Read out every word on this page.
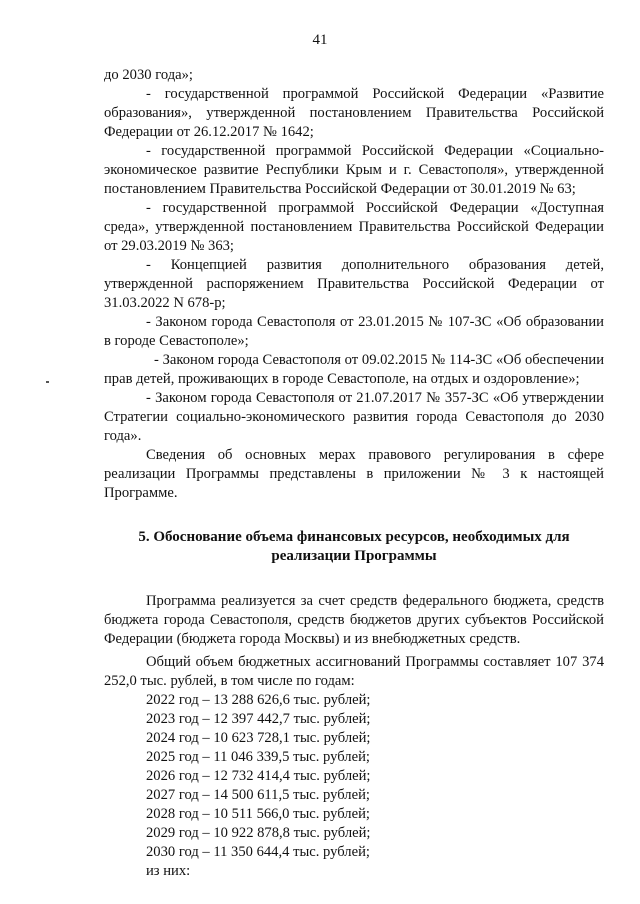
41

до 2030 года»;

- государственной программой Российской Федерации «Развитие образования», утвержденной постановлением Правительства Российской Федерации от 26.12.2017 № 1642;

- государственной программой Российской Федерации «Социально-экономическое развитие Республики Крым и г. Севастополя», утвержденной постановлением Правительства Российской Федерации от 30.01.2019 № 63;

- государственной программой Российской Федерации «Доступная среда», утвержденной постановлением Правительства Российской Федерации от 29.03.2019 № 363;

- Концепцией развития дополнительного образования детей, утвержденной распоряжением Правительства Российской Федерации от 31.03.2022 N 678-р;

- Законом города Севастополя от 23.01.2015 № 107-ЗС «Об образовании в городе Севастополе»;

- Законом города Севастополя от 09.02.2015 № 114-ЗС «Об обеспечении прав детей, проживающих в городе Севастополе, на отдых и оздоровление»;

- Законом города Севастополя от 21.07.2017 № 357-ЗС «Об утверждении Стратегии социально-экономического развития города Севастополя до 2030 года».

Сведения об основных мерах правового регулирования в сфере реализации Программы представлены в приложении № 3 к настоящей Программе.

5. Обоснование объема финансовых ресурсов, необходимых для
реализации Программы

Программа реализуется за счет средств федерального бюджета, средств бюджета города Севастополя, средств бюджетов других субъектов Российской Федерации (бюджета города Москвы) и из внебюджетных средств.

Общий объем бюджетных ассигнований Программы составляет 107 374 252,0 тыс. рублей, в том числе по годам:

2022 год – 13 288 626,6 тыс. рублей;

2023 год – 12 397 442,7 тыс. рублей;

2024 год – 10 623 728,1 тыс. рублей;

2025 год – 11 046 339,5 тыс. рублей;

2026 год – 12 732 414,4 тыс. рублей;

2027 год – 14 500 611,5 тыс. рублей;

2028 год – 10 511 566,0 тыс. рублей;

2029 год – 10 922 878,8 тыс. рублей;

2030 год – 11 350 644,4 тыс. рублей;

из них:
